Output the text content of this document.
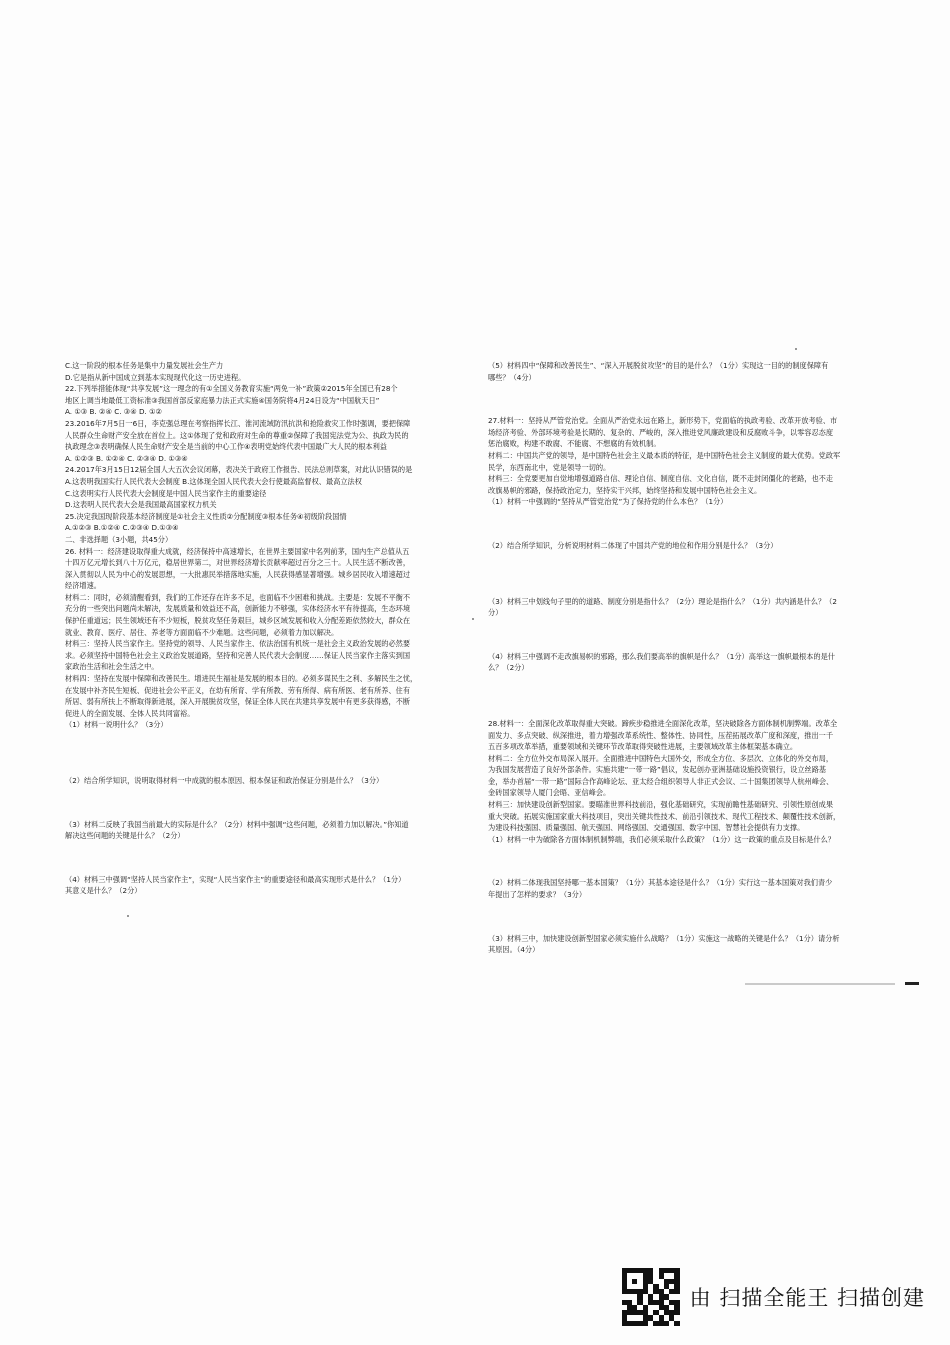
C.这一阶段的根本任务是集中力量发展社会生产力
D.它是指从新中国成立到基本实现现代化这一历史进程。
22.下列举措能体现“共享发展”这一理念的有①全国义务教育实施“两免一补”政策②2015年全国已有28个
地区上调当地最低工资标准③我国首部反家庭暴力法正式实施④国务院将4月24日设为“中国航天日”
A. ①③ B. ②④ C. ③④ D. ①②
23.2016年7月5日一6日，李克强总理在考察指挥长江、淮河流域防汛抗洪和抢险救灾工作时强调，要把保障
人民群众生命财产安全放在首位上。这①体现了党和政府对生命的尊重②保障了我国宪法党为公、执政为民的
执政理念③表明确保人民生命财产安全是当前的中心工作④表明党始终代表中国最广大人民的根本利益
A. ①②③ B. ①②④ C. ②③④ D. ①③④
24.2017年3月15日12届全国人大五次会议闭幕，表决关于政府工作报告、民法总则草案，对此认识错误的是
A.这表明我国实行人民代表大会制度 B.这体现全国人民代表大会行使最高监督权、最高立法权
C.这表明实行人民代表大会制度是中国人民当家作主的重要途径
D.这表明人民代表大会是我国最高国家权力机关
25.决定我国现阶段基本经济制度是①社会主义性质②分配制度③根本任务④初级阶段国情
A.①②③ B.①②④ C.②③④ D.①③④
二、非选择题（3小题，共45分）
26. 材料一：经济建设取得重大成就，经济保持中高速增长，在世界主要国家中名列前茅，国内生产总值从五
十四万亿元增长到八十万亿元，稳居世界第二，对世界经济增长贡献率超过百分之三十。人民生活不断改善，
深入贯彻以人民为中心的发展思想，一大批惠民举措落地实施，人民获得感显著增强。城乡居民收入增速超过
经济增速。
材料二：同时，必须清醒看到，我们的工作还存在许多不足，也面临不少困难和挑战。主要是：发展不平衡不
充分的一些突出问题尚未解决，发展质量和效益还不高，创新能力不够强，实体经济水平有待提高，生态环境
保护任重道远；民生领域还有不少短板，脱贫攻坚任务艰巨，城乡区域发展和收入分配差距依然较大，群众在
就业、教育、医疗、居住、养老等方面面临不少难题。这些问题，必须着力加以解决。
材料三：坚持人民当家作主。坚持党的领导、人民当家作主、依法治国有机统一是社会主义政治发展的必然要
求。必须坚持中国特色社会主义政治发展道路，坚持和完善人民代表大会制度……保证人民当家作主落实到国
家政治生活和社会生活之中。
材料四：坚持在发展中保障和改善民生。增进民生福祉是发展的根本目的。必须多谋民生之利、多解民生之忧，
在发展中补齐民生短板、促进社会公平正义，在幼有所育、学有所教、劳有所得、病有所医、老有所养、住有
所居、弱有所扶上不断取得新进展，深入开展脱贫攻坚，保证全体人民在共建共享发展中有更多获得感，不断
促进人的全面发展、全体人民共同富裕。
（1）材料一说明什么？（3分）
（2）结合所学知识，说明取得材料一中成就的根本原因、根本保证和政治保证分别是什么？（3分）
（3）材料二反映了我国当前最大的实际是什么？（2分）材料中强调“这些问题，必须着力加以解决。”你知道
解决这些问题的关键是什么？（2分）
（4）材料三中强调“坚持人民当家作主”，实现“人民当家作主”的重要途径和最高实现形式是什么？（1分）
其意义是什么？（2分）
（5）材料四中“保障和改善民生”、“深入开展脱贫攻坚”的目的是什么？（1分）实现这一目的的制度保障有
哪些？（4分）
27.材料一：坚持从严管党治党。全面从严治党永远在路上，新形势下，党面临的执政考验、改革开放考验、市
场经济考验、外部环境考验是长期的、复杂的、严峻的，深入推进党风廉政建设和反腐败斗争，以零容忍态度
惩治腐败，构建不敢腐、不能腐、不想腐的有效机制。
材料二：中国共产党的领导，是中国特色社会主义最本质的特征，是中国特色社会主义制度的最大优势。党政军
民学，东西南北中，党是领导一切的。
材料三：全党要更加自觉地增强道路自信、理论自信、制度自信、文化自信，既不走封闭僵化的老路，也不走
改旗易帜的邪路，保持政治定力，坚持实干兴邦，始终坚持和发展中国特色社会主义。
（1）材料一中强调的“坚持从严管党治党”为了保持党的什么本色？（1分）
（2）结合所学知识，分析说明材料二体现了中国共产党的地位和作用分别是什么？（3分）
（3）材料三中划线句子里的的道路、制度分别是指什么？（2分）理论是指什么？（1分）共内涵是什么？（2
分）
（4）材料三中强调不走改旗易帜的邪路，那么我们要高举的旗帜是什么？（1分）高举这一旗帜最根本的是什
么？（2分）
28.材料一：全面深化改革取得重大突破。蹄疾步稳推进全面深化改革，坚决破除各方面体制机制弊端。改革全
面发力、多点突破、纵深推进，着力增强改革系统性、整体性、协同性，压茬拓展改革广度和深度，推出一千
五百多项改革举措，重要领域和关键环节改革取得突破性进展，主要领域改革主体框架基本确立。
材料二：全方位外交布局深入展开。全面推进中国特色大国外交，形成全方位、多层次、立体化的外交布局，
为我国发展营造了良好外部条件。实施共建“一带一路”倡议，发起创办亚洲基础设施投资银行，设立丝路基
金，举办首届“一带一路”国际合作高峰论坛、亚太经合组织领导人非正式会议、二十国集团领导人杭州峰会、
金砖国家领导人厦门会晤、亚信峰会。
材料三：加快建设创新型国家。要瞄准世界科技前沿，强化基础研究，实现前瞻性基础研究、引领性原创成果
重大突破。拓展实施国家重大科技项目，突出关键共性技术、前沿引领技术、现代工程技术、颠覆性技术创新，
为建设科技强国、质量强国、航天强国、网络强国、交通强国、数字中国、智慧社会提供有力支撑。
（1）材料一中为破除各方面体制机制弊端，我们必须采取什么政策？（1分）这一政策的重点及目标是什么？
（2）材料二体现我国坚持哪一基本国策？（1分）其基本途径是什么？（1分）实行这一基本国策对我们青少
年提出了怎样的要求？（3分）
（3）材料三中，加快建设创新型国家必须实施什么战略？（1分）实施这一战略的关键是什么？（1分）请分析
其原因。（4分）
由 扫描全能王 扫描创建
